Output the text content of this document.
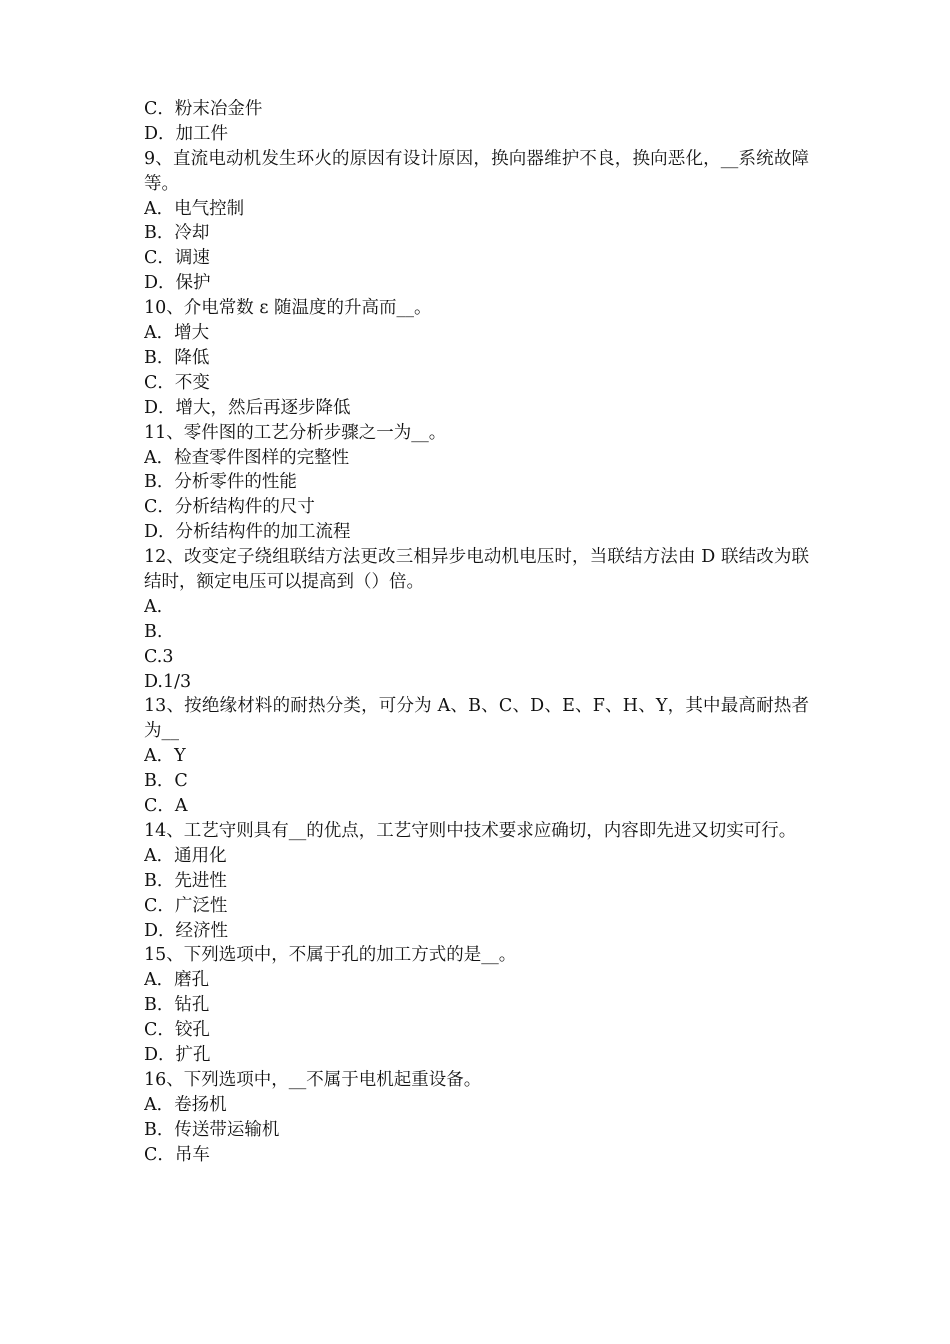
C．粉末冶金件
D．加工件
9、直流电动机发生环火的原因有设计原因，换向器维护不良，换向恶化，__系统故障等。
A．电气控制
B．冷却
C．调速
D．保护
10、介电常数 ε 随温度的升高而__。
A．增大
B．降低
C．不变
D．增大，然后再逐步降低
11、零件图的工艺分析步骤之一为__。
A．检查零件图样的完整性
B．分析零件的性能
C．分析结构件的尺寸
D．分析结构件的加工流程
12、改变定子绕组联结方法更改三相异步电动机电压时，当联结方法由 D 联结改为联结时，额定电压可以提高到（）倍。
A.
B.
C.3
D.1/3
13、按绝缘材料的耐热分类，可分为 A、B、C、D、E、F、H、Y，其中最高耐热者为__
A．Y
B．C
C．A
14、工艺守则具有__的优点，工艺守则中技术要求应确切，内容即先进又切实可行。
A．通用化
B．先进性
C．广泛性
D．经济性
15、下列选项中，不属于孔的加工方式的是__。
A．磨孔
B．钻孔
C．铰孔
D．扩孔
16、下列选项中，__不属于电机起重设备。
A．卷扬机
B．传送带运输机
C．吊车
